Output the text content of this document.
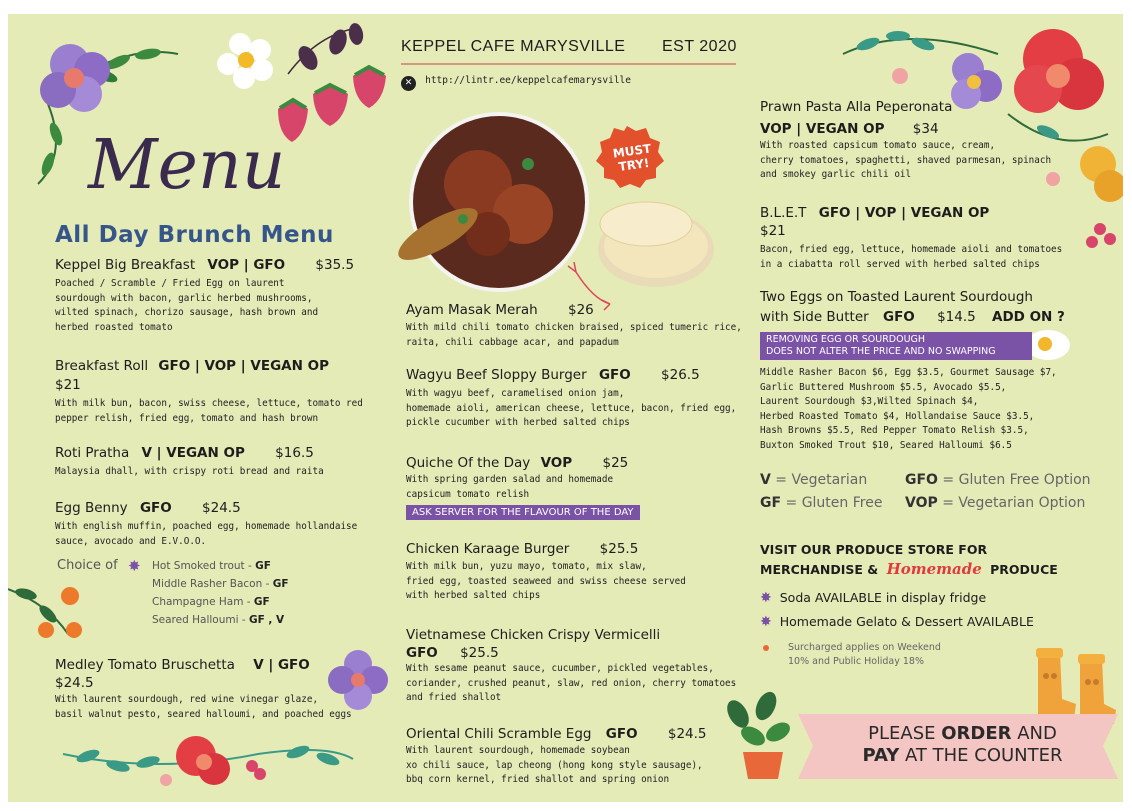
KEPPEL CAFE MARYSVILLE EST 2020
✕ http://lintr.ee/keppelcafemarysville
MUST
TRY!
Menu
All Day Brunch Menu
Keppel Big Breakfast VOP | GFO $35.5
Poached / Scramble / Fried Egg on laurent
sourdough with bacon, garlic herbed mushrooms,
wilted spinach, chorizo sausage, hash brown and
herbed roasted tomato
Breakfast Roll GFO | VOP | VEGAN OP
$21
With milk bun, bacon, swiss cheese, lettuce, tomato red
pepper relish, fried egg, tomato and hash brown
Roti Pratha V | VEGAN OP $16.5
Malaysia dhall, with crispy roti bread and raita
Egg Benny GFO $24.5
With english muffin, poached egg, homemade hollandaise
sauce, avocado and E.V.O.O.
Choice of ✸ Hot Smoked trout - GF
Middle Rasher Bacon - GF
Champagne Ham - GF
Seared Halloumi - GF , V
Medley Tomato Bruschetta V | GFO
$24.5
With laurent sourdough, red wine vinegar glaze,
basil walnut pesto, seared halloumi, and poached eggs
Ayam Masak Merah $26
With mild chili tomato chicken braised, spiced tumeric rice,
raita, chili cabbage acar, and papadum
Wagyu Beef Sloppy Burger GFO $26.5
With wagyu beef, caramelised onion jam,
homemade aioli, american cheese, lettuce, bacon, fried egg,
pickle cucumber with herbed salted chips
Quiche Of the Day VOP $25
With spring garden salad and homemade
capsicum tomato relish
ASK SERVER FOR THE FLAVOUR OF THE DAY
Chicken Karaage Burger $25.5
With milk bun, yuzu mayo, tomato, mix slaw,
fried egg, toasted seaweed and swiss cheese served
with herbed salted chips
Vietnamese Chicken Crispy Vermicelli
GFO $25.5
With sesame peanut sauce, cucumber, pickled vegetables,
coriander, crushed peanut, slaw, red onion, cherry tomatoes
and fried shallot
Oriental Chili Scramble Egg GFO $24.5
With laurent sourdough, homemade soybean
xo chili sauce, lap cheong (hong kong style sausage),
bbq corn kernel, fried shallot and spring onion
Prawn Pasta Alla Peperonata
VOP | VEGAN OP $34
With roasted capsicum tomato sauce, cream,
cherry tomatoes, spaghetti, shaved parmesan, spinach
and smokey garlic chili oil
B.L.E.T GFO | VOP | VEGAN OP
$21
Bacon, fried egg, lettuce, homemade aioli and tomatoes
in a ciabatta roll served with herbed salted chips
Two Eggs on Toasted Laurent Sourdough
with Side Butter GFO $14.5 ADD ON ?
REMOVING EGG OR SOURDOUGH
DOES NOT ALTER THE PRICE AND NO SWAPPING
Middle Rasher Bacon $6, Egg $3.5, Gourmet Sausage $7,
Garlic Buttered Mushroom $5.5, Avocado $5.5,
Laurent Sourdough $3,Wilted Spinach $4,
Herbed Roasted Tomato $4, Hollandaise Sauce $3.5,
Hash Browns $5.5, Red Pepper Tomato Relish $3.5,
Buxton Smoked Trout $10, Seared Halloumi $6.5
V = Vegetarian	GFO = Gluten Free Option
GF = Gluten Free VOP = Vegetarian Option
VISIT OUR PRODUCE STORE FOR
MERCHANDISE & Homemade PRODUCE
✸ Soda AVAILABLE in display fridge
✸ Homemade Gelato & Dessert AVAILABLE
Surcharged applies on Weekend
10% and Public Holiday 18%
PLEASE ORDER AND
PAY AT THE COUNTER
